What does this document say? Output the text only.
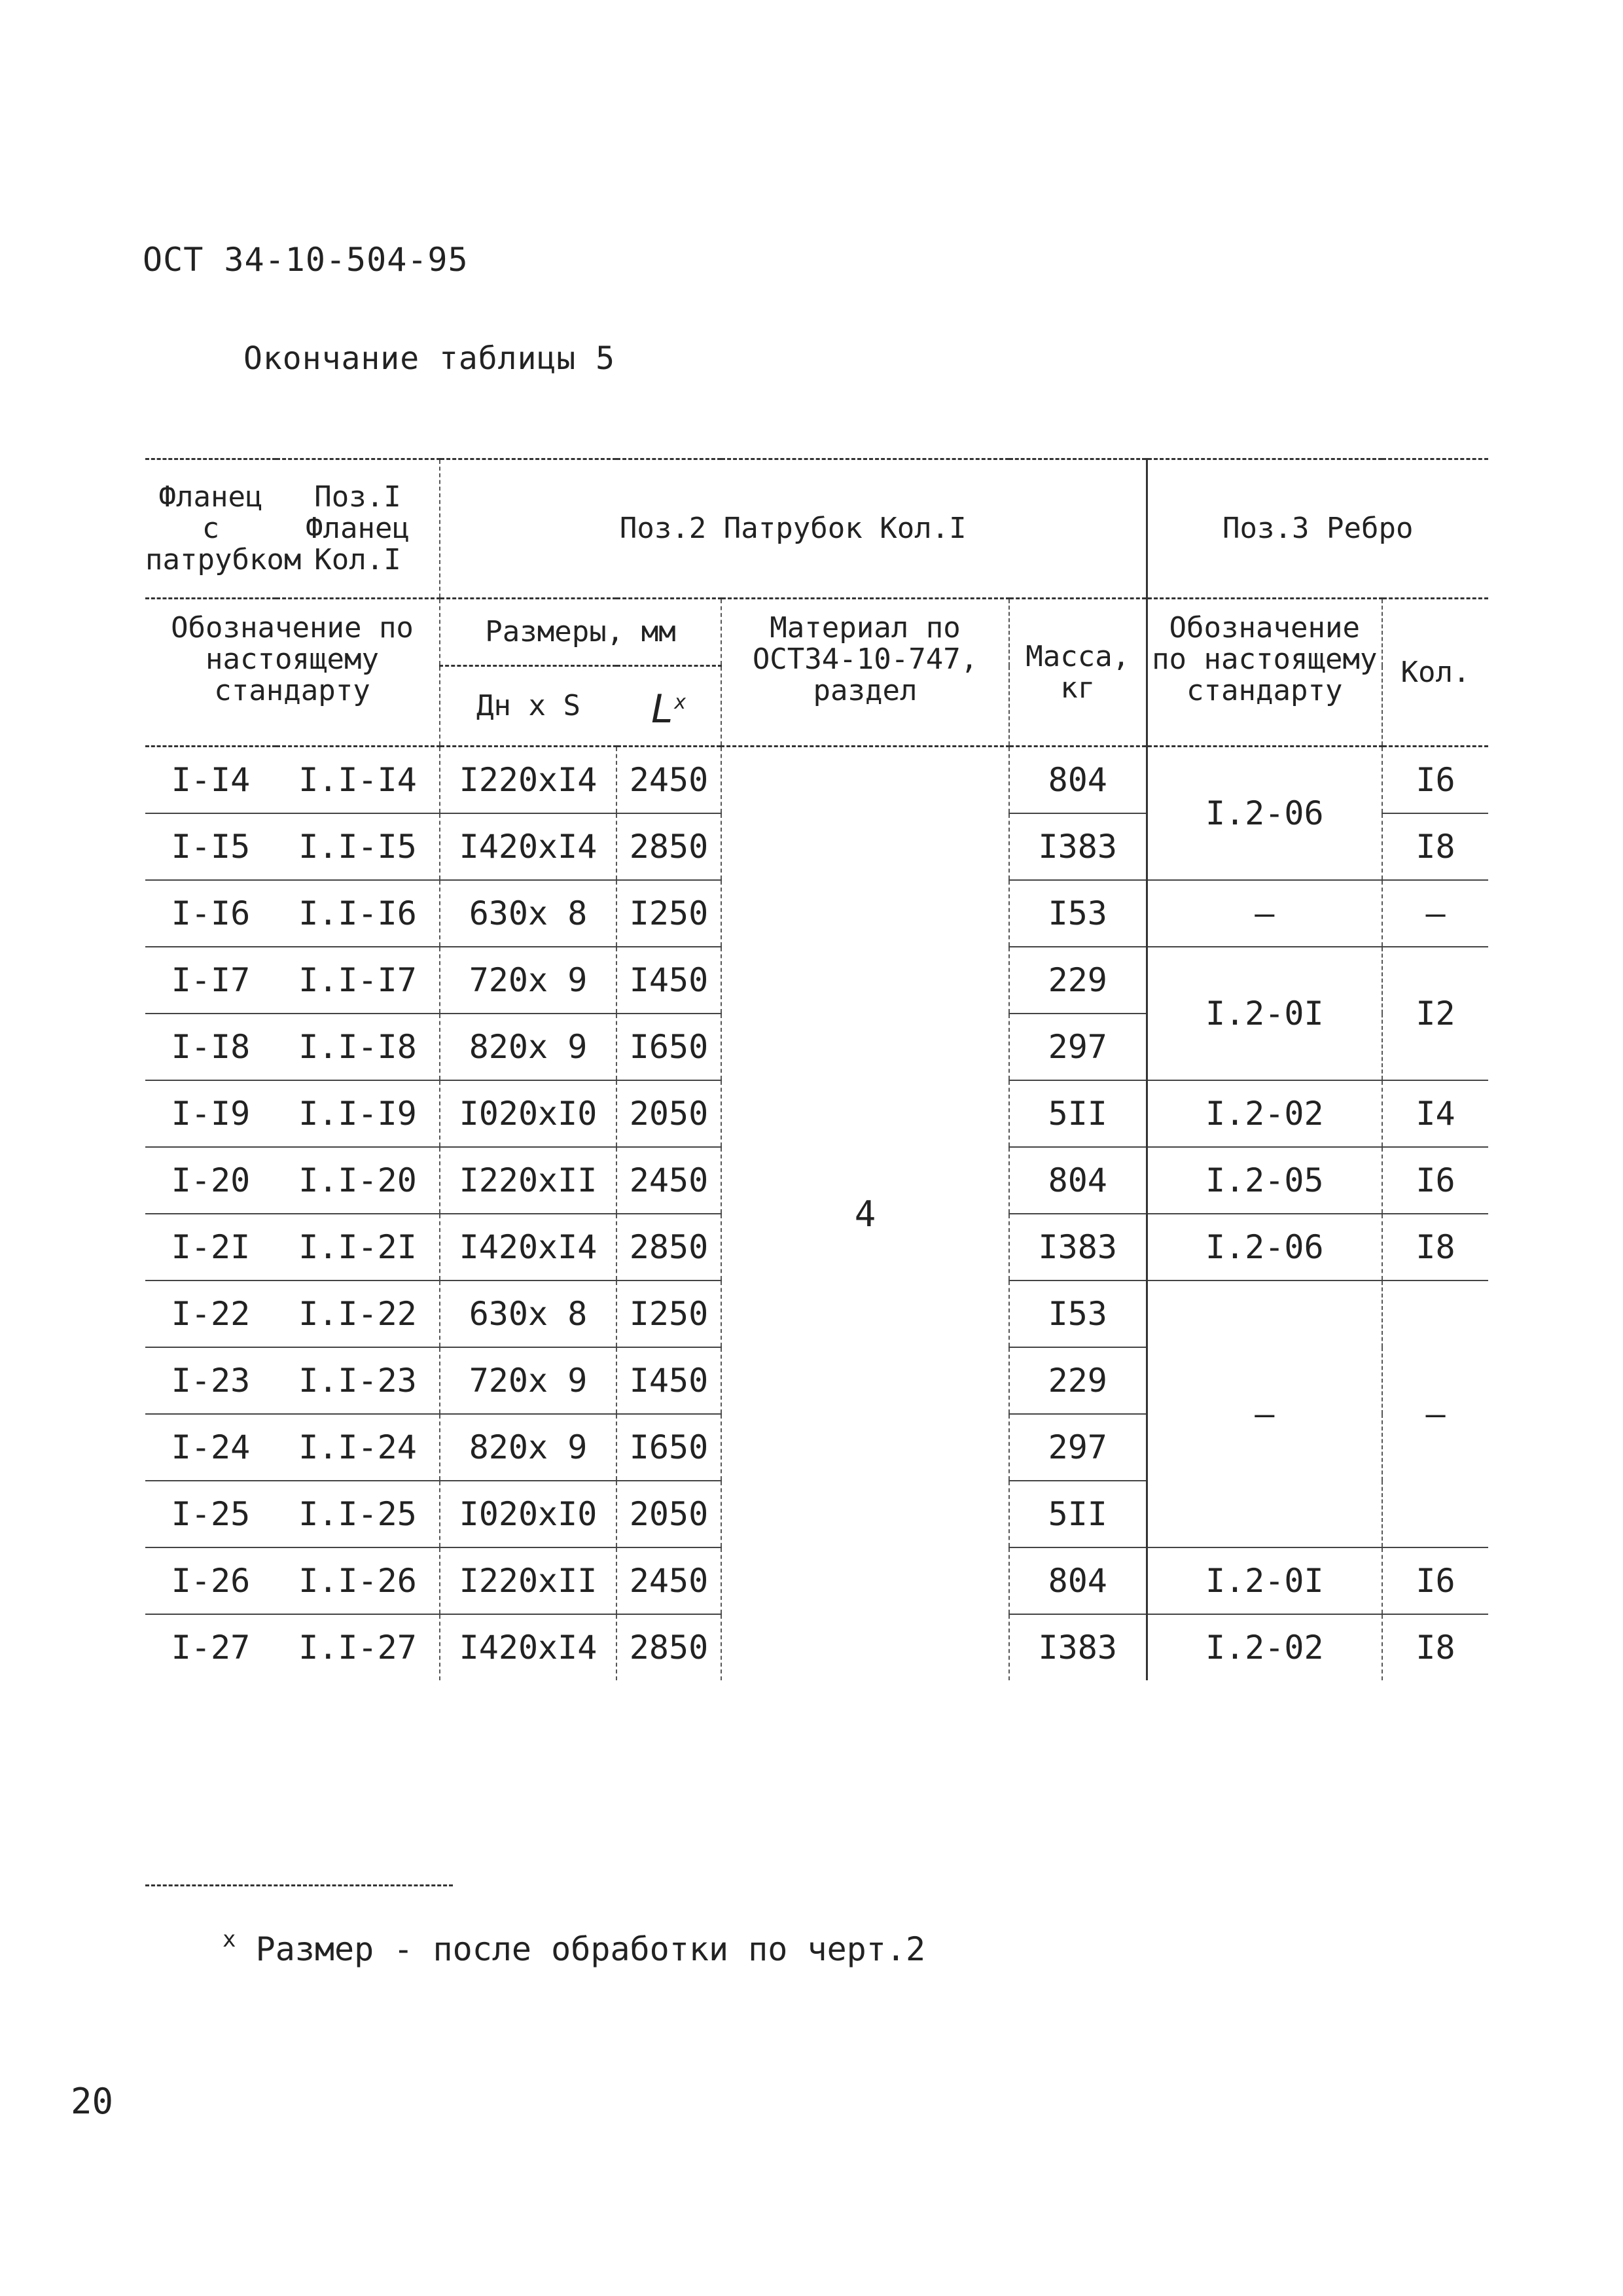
ОСТ 34-10-504-95
Окончание таблицы 5
Фланец с патрубком	Поз.I Фланец Кол.I	Поз.2 Патрубок Кол.I				Поз.3 Ребро	
Обозначение по настоящему стандарту		Размеры, мм		Материал по ОСТ34-10-747, раздел	Масса, кг	Обозначение по настоящему стандарту	Кол.
		Дн x S	$L^x$
I-I4	I.I-I4	I220xI4	2450	4	804	I.2-06	I6
I-I5	I.I-I5	I420xI4	2850		I383		I8
I-I6	I.I-I6	630x 8	I250		I53	–	–
I-I7	I.I-I7	720x 9	I450		229	I.2-0I	I2
I-I8	I.I-I8	820x 9	I650		297		
I-I9	I.I-I9	I020xI0	2050		5II	I.2-02	I4
I-20	I.I-20	I220xII	2450		804	I.2-05	I6
I-2I	I.I-2I	I420xI4	2850		I383	I.2-06	I8
I-22	I.I-22	630x 8	I250		I53	–	–
I-23	I.I-23	720x 9	I450		229		
I-24	I.I-24	820x 9	I650		297		
I-25	I.I-25	I020xI0	2050		5II		
I-26	I.I-26	I220xII	2450		804	I.2-0I	I6
I-27	I.I-27	I420xI4	2850		I383	I.2-02	I8
$^x$ Размер - после обработки по черт.2
20
